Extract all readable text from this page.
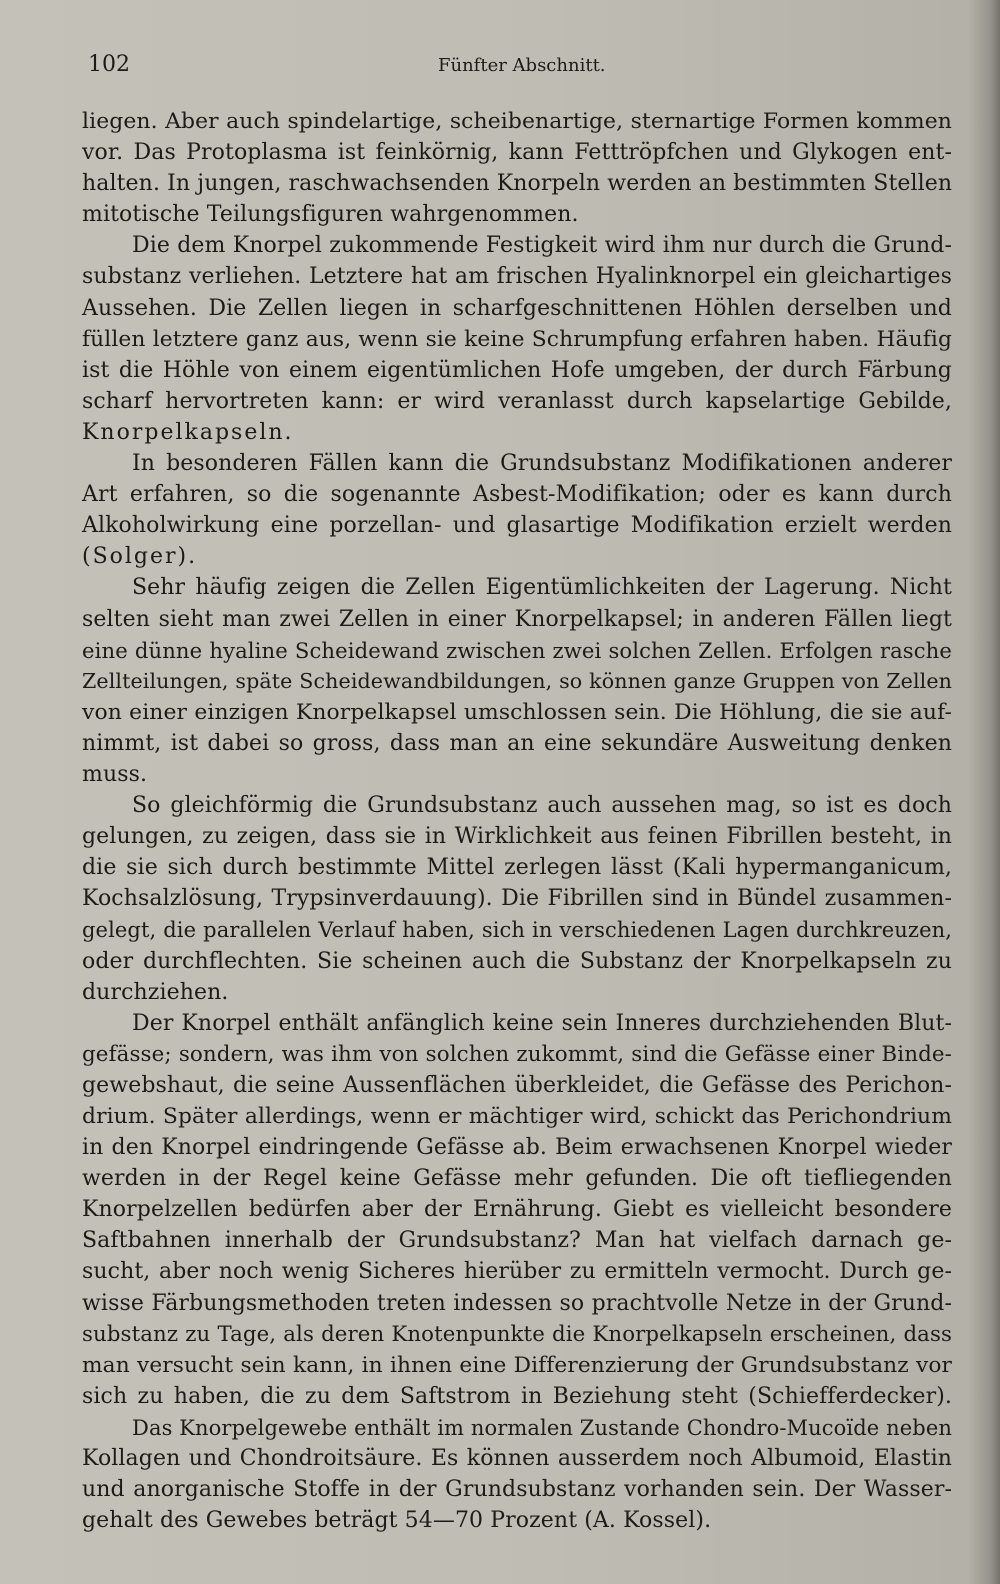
102	Fünfter Abschnitt.

liegen. Aber auch spindelartige, scheibenartige, sternartige Formen kommen
vor. Das Protoplasma ist feinkörnig, kann Fetttröpfchen und Glykogen ent-
halten. In jungen, raschwachsenden Knorpeln werden an bestimmten Stellen
mitotische Teilungsfiguren wahrgenommen.

Die dem Knorpel zukommende Festigkeit wird ihm nur durch die Grund-
substanz verliehen. Letztere hat am frischen Hyalinknorpel ein gleichartiges
Aussehen. Die Zellen liegen in scharfgeschnittenen Höhlen derselben und
füllen letztere ganz aus, wenn sie keine Schrumpfung erfahren haben. Häufig
ist die Höhle von einem eigentümlichen Hofe umgeben, der durch Färbung
scharf hervortreten kann: er wird veranlasst durch kapselartige Gebilde,
Knorpelkapseln.

In besonderen Fällen kann die Grundsubstanz Modifikationen anderer
Art erfahren, so die sogenannte Asbest-Modifikation; oder es kann durch
Alkoholwirkung eine porzellan- und glasartige Modifikation erzielt werden
(Solger).

Sehr häufig zeigen die Zellen Eigentümlichkeiten der Lagerung. Nicht
selten sieht man zwei Zellen in einer Knorpelkapsel; in anderen Fällen liegt
eine dünne hyaline Scheidewand zwischen zwei solchen Zellen. Erfolgen rasche
Zellteilungen, späte Scheidewandbildungen, so können ganze Gruppen von Zellen
von einer einzigen Knorpelkapsel umschlossen sein. Die Höhlung, die sie auf-
nimmt, ist dabei so gross, dass man an eine sekundäre Ausweitung denken
muss.

So gleichförmig die Grundsubstanz auch aussehen mag, so ist es doch
gelungen, zu zeigen, dass sie in Wirklichkeit aus feinen Fibrillen besteht, in
die sie sich durch bestimmte Mittel zerlegen lässt (Kali hypermanganicum,
Kochsalzlösung, Trypsinverdauung). Die Fibrillen sind in Bündel zusammen-
gelegt, die parallelen Verlauf haben, sich in verschiedenen Lagen durchkreuzen,
oder durchflechten. Sie scheinen auch die Substanz der Knorpelkapseln zu
durchziehen.

Der Knorpel enthält anfänglich keine sein Inneres durchziehenden Blut-
gefässe; sondern, was ihm von solchen zukommt, sind die Gefässe einer Binde-
gewebshaut, die seine Aussenflächen überkleidet, die Gefässe des Perichon-
drium. Später allerdings, wenn er mächtiger wird, schickt das Perichondrium
in den Knorpel eindringende Gefässe ab. Beim erwachsenen Knorpel wieder
werden in der Regel keine Gefässe mehr gefunden. Die oft tiefliegenden
Knorpelzellen bedürfen aber der Ernährung. Giebt es vielleicht besondere
Saftbahnen innerhalb der Grundsubstanz? Man hat vielfach darnach ge-
sucht, aber noch wenig Sicheres hierüber zu ermitteln vermocht. Durch ge-
wisse Färbungsmethoden treten indessen so prachtvolle Netze in der Grund-
substanz zu Tage, als deren Knotenpunkte die Knorpelkapseln erscheinen, dass
man versucht sein kann, in ihnen eine Differenzierung der Grundsubstanz vor
sich zu haben, die zu dem Saftstrom in Beziehung steht (Schiefferdecker).

Das Knorpelgewebe enthält im normalen Zustande Chondro-Mucoïde neben
Kollagen und Chondroitsäure. Es können ausserdem noch Albumoid, Elastin
und anorganische Stoffe in der Grundsubstanz vorhanden sein. Der Wasser-
gehalt des Gewebes beträgt 54—70 Prozent (A. Kossel).
